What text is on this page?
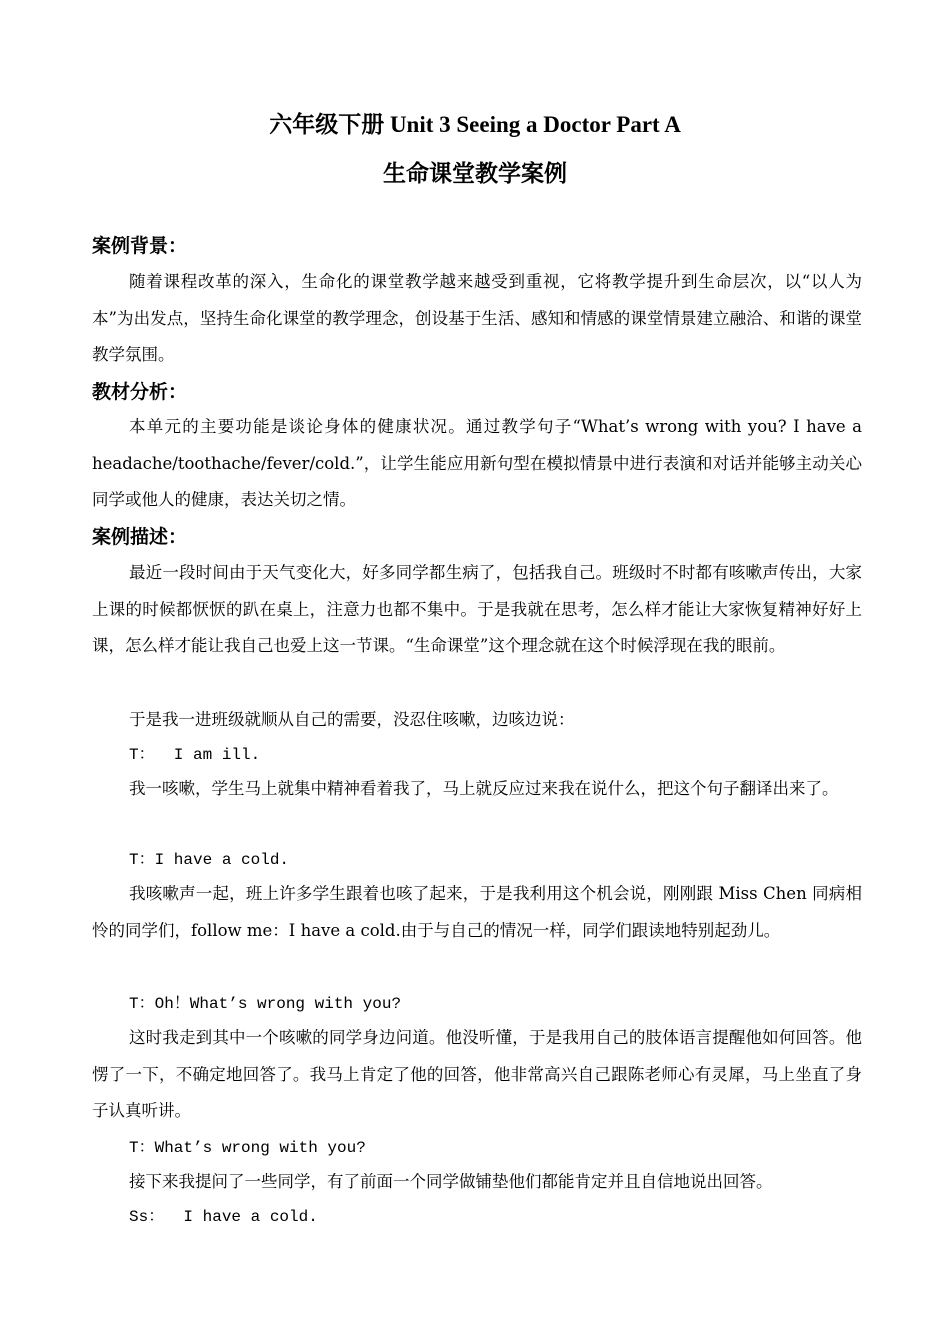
六年级下册 Unit 3 Seeing a Doctor Part A
生命课堂教学案例
案例背景：
随着课程改革的深入，生命化的课堂教学越来越受到重视，它将教学提升到生命层次，以“以人为本”为出发点，坚持生命化课堂的教学理念，创设基于生活、感知和情感的课堂情景建立融洽、和谐的课堂教学氛围。
教材分析：
本单元的主要功能是谈论身体的健康状况。通过教学句子“What’s wrong with you? I have a headache/toothache/fever/cold.”，让学生能应用新句型在模拟情景中进行表演和对话并能够主动关心同学或他人的健康，表达关切之情。
案例描述：
最近一段时间由于天气变化大，好多同学都生病了，包括我自己。班级时不时都有咳嗽声传出，大家上课的时候都恹恹的趴在桌上，注意力也都不集中。于是我就在思考，怎么样才能让大家恢复精神好好上课，怎么样才能让我自己也爱上这一节课。“生命课堂”这个理念就在这个时候浮现在我的眼前。
于是我一进班级就顺从自己的需要，没忍住咳嗽，边咳边说：
T：  I am ill.
我一咳嗽，学生马上就集中精神看着我了，马上就反应过来我在说什么，把这个句子翻译出来了。
T：I have a cold.
我咳嗽声一起，班上许多学生跟着也咳了起来，于是我利用这个机会说，刚刚跟 Miss Chen 同病相怜的同学们，follow me：I have a cold.由于与自己的情况一样，同学们跟读地特别起劲儿。
T：Oh！What’s wrong with you?
这时我走到其中一个咳嗽的同学身边问道。他没听懂，于是我用自己的肢体语言提醒他如何回答。他愣了一下，不确定地回答了。我马上肯定了他的回答，他非常高兴自己跟陈老师心有灵犀，马上坐直了身子认真听讲。
T：What’s wrong with you?
接下来我提问了一些同学，有了前面一个同学做铺垫他们都能肯定并且自信地说出回答。
Ss：  I have a cold.
